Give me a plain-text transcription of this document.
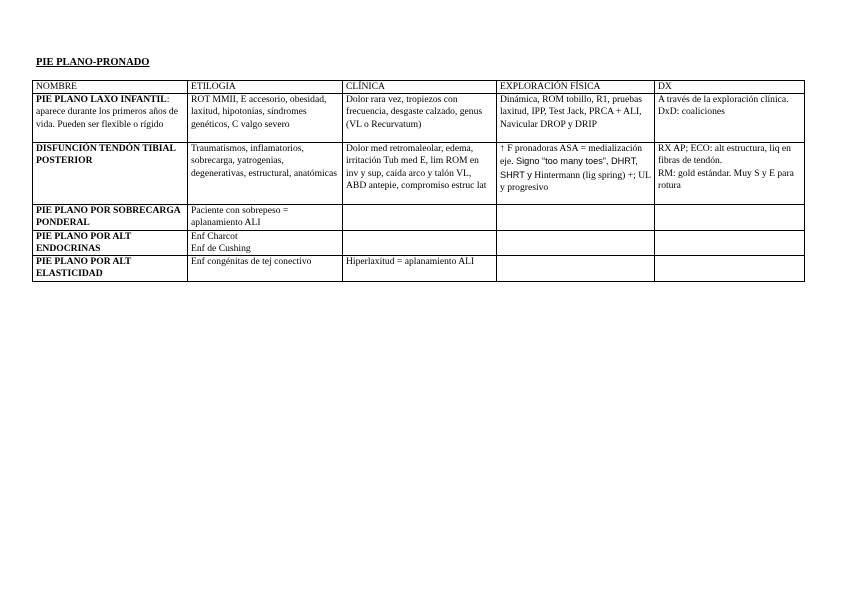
PIE PLANO-PRONADO
NOMBRE	ETILOGIA	CLÍNICA	EXPLORACIÓN FÍSICA	DX
PIE PLANO LAXO INFANTIL: aparece durante los primeros años de vida. Pueden ser flexible o rígido	ROT MMII, E accesorio, obesidad, laxitud, hipotonías, síndromes genéticos, C valgo severo	Dolor rara vez, tropiezos con frecuencia, desgaste calzado, genus (VL o Recurvatum)	Dinámica, ROM tobillo, R1, pruebas laxitud, IPP, Test Jack, PRCA + ALI, Navicular DROP y DRIP	A través de la exploración clínica.
DxD: coaliciones

DISFUNCIÓN TENDÓN TIBIAL POSTERIOR	Traumatismos, inflamatorios, sobrecarga, yatrogenias, degenerativas, estructural, anatómicas	Dolor med retromaleolar, edema, irritación Tub med E, lim ROM en inv y sup, caída arco y talón VL, ABD antepie, compromiso estruc lat	↑ F pronadoras ASA = medialización eje. Signo “too many toes”, DHRT, SHRT y Hintermann (lig spring) +; UL y progresivo	RX AP; ECO: alt estructura, liq en fibras de tendón.
RM: gold estándar. Muy S y E para rotura

PIE PLANO POR SOBRECARGA PONDERAL	Paciente con sobrepeso = aplanamiento ALI			
PIE PLANO POR ALT ENDOCRINAS	Enf Charcot
Enf de Cushing			

PIE PLANO POR ALT ELASTICIDAD	Enf congénitas de tej conectivo	Hiperlaxitud = aplanamiento ALI		
